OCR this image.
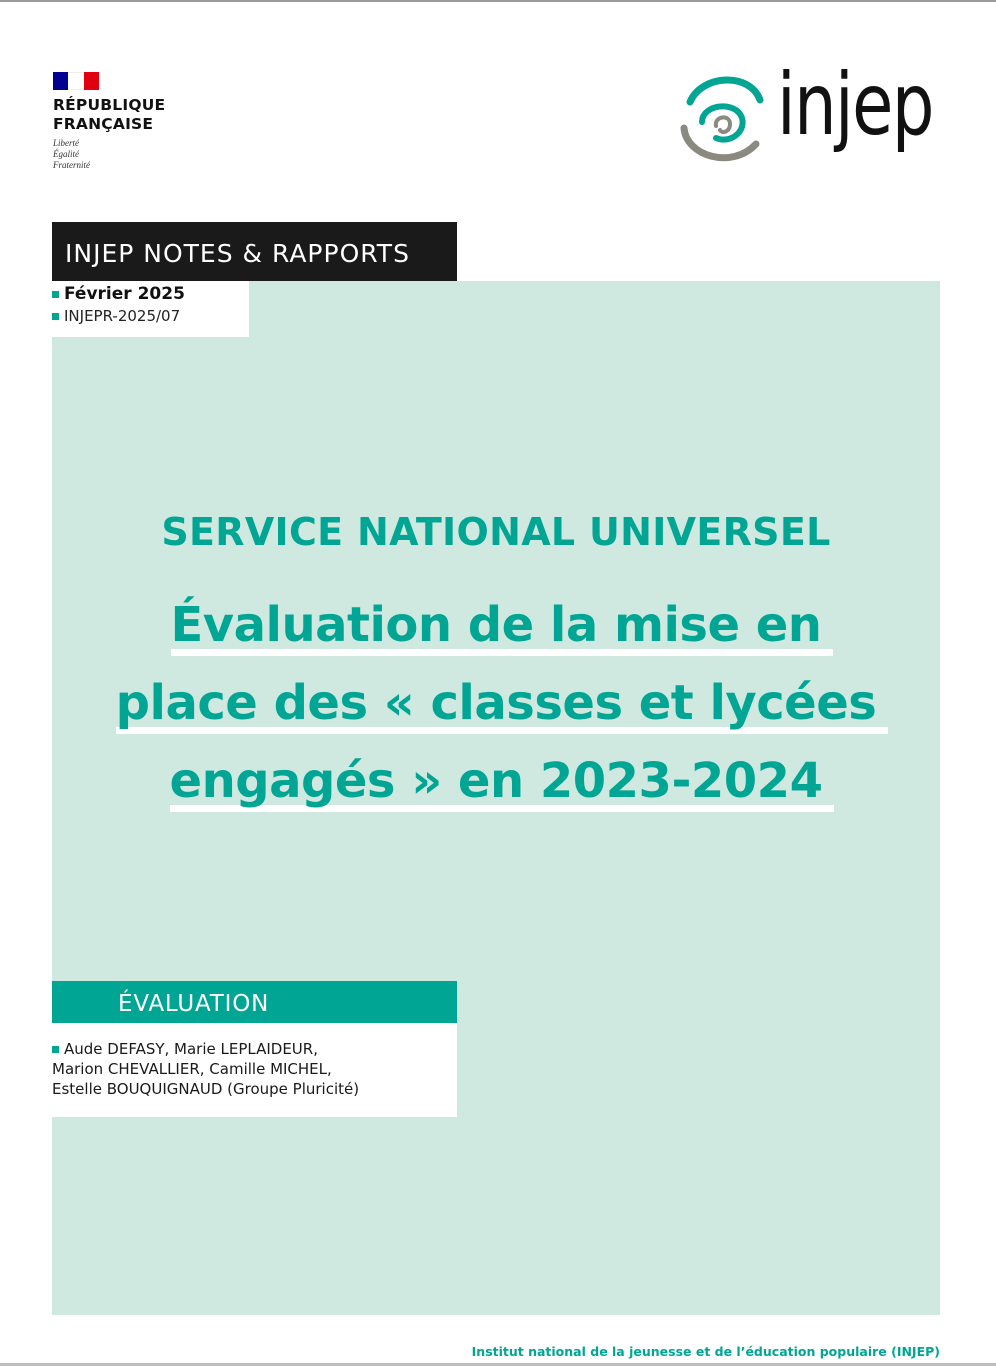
RÉPUBLIQUE
FRANÇAISE
Liberté
Égalité
Fraternité
injep
INJEP NOTES & RAPPORTS
Février 2025
INJEPR-2025/07
SERVICE NATIONAL UNIVERSEL
Évaluation de la mise en
place des « classes et lycées
engagés » en 2023-2024
ÉVALUATION
Aude DEFASY, Marie LEPLAIDEUR,
Marion CHEVALLIER, Camille MICHEL,
Estelle BOUQUIGNAUD (Groupe Pluricité)
Institut national de la jeunesse et de l’éducation populaire (INJEP)
